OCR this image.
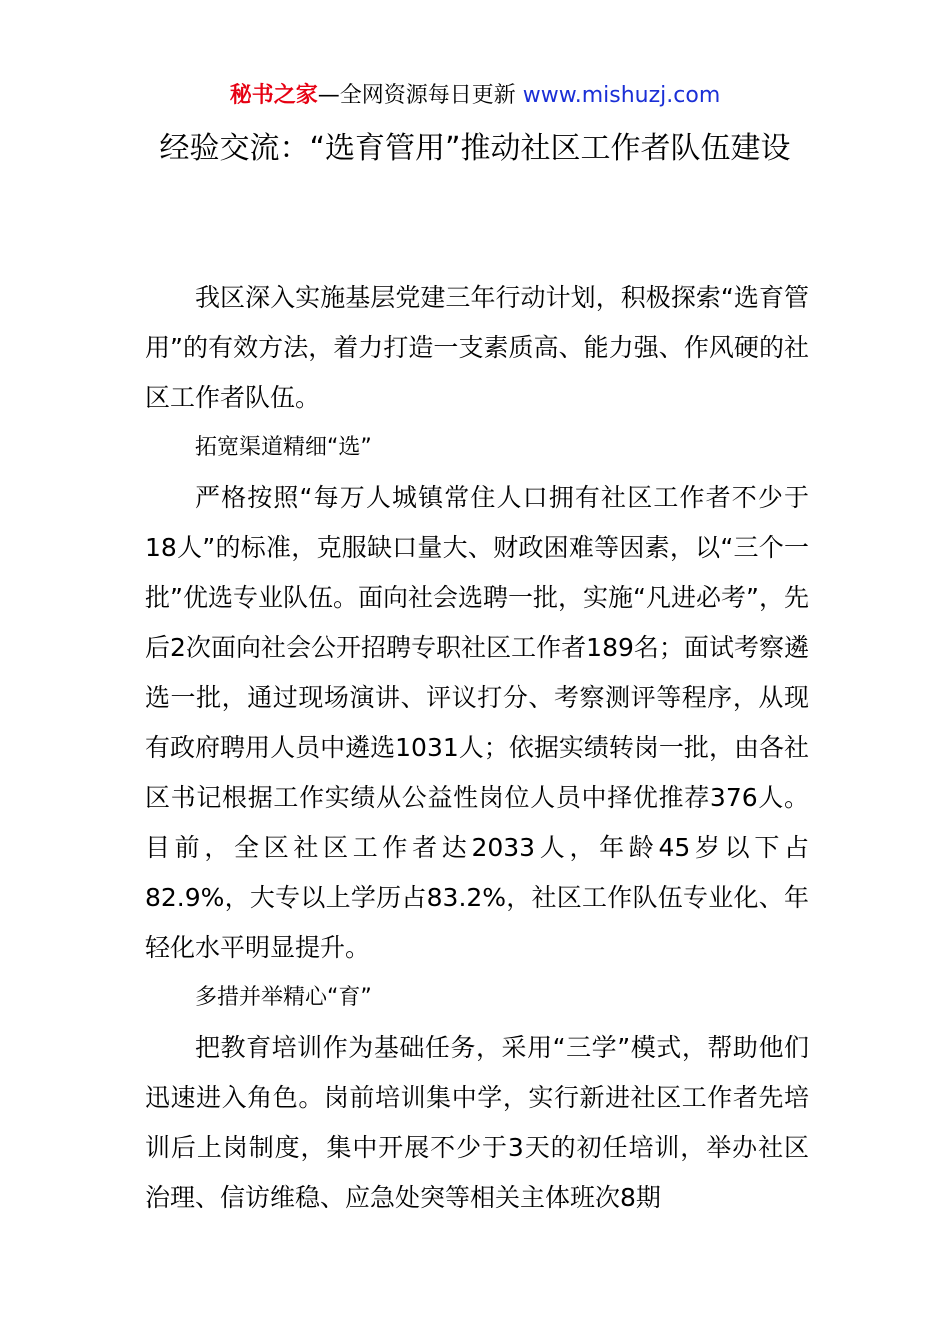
秘书之家—全网资源每日更新 www.mishuzj.com
经验交流：“选育管用”推动社区工作者队伍建设

我区深入实施基层党建三年行动计划，积极探索“选育管用”的有效方法，着力打造一支素质高、能力强、作风硬的社区工作者队伍。

拓宽渠道精细“选”

严格按照“每万人城镇常住人口拥有社区工作者不少于18人”的标准，克服缺口量大、财政困难等因素，以“三个一批”优选专业队伍。面向社会选聘一批，实施“凡进必考”，先后2次面向社会公开招聘专职社区工作者189名；面试考察遴选一批，通过现场演讲、评议打分、考察测评等程序，从现有政府聘用人员中遴选1031人；依据实绩转岗一批，由各社区书记根据工作实绩从公益性岗位人员中择优推荐376人。目前，全区社区工作者达2033人，年龄45岁以下占82.9%，大专以上学历占83.2%，社区工作队伍专业化、年轻化水平明显提升。

多措并举精心“育”

把教育培训作为基础任务，采用“三学”模式，帮助他们迅速进入角色。岗前培训集中学，实行新进社区工作者先培训后上岗制度，集中开展不少于3天的初任培训，举办社区治理、信访维稳、应急处突等相关主体班次8期
